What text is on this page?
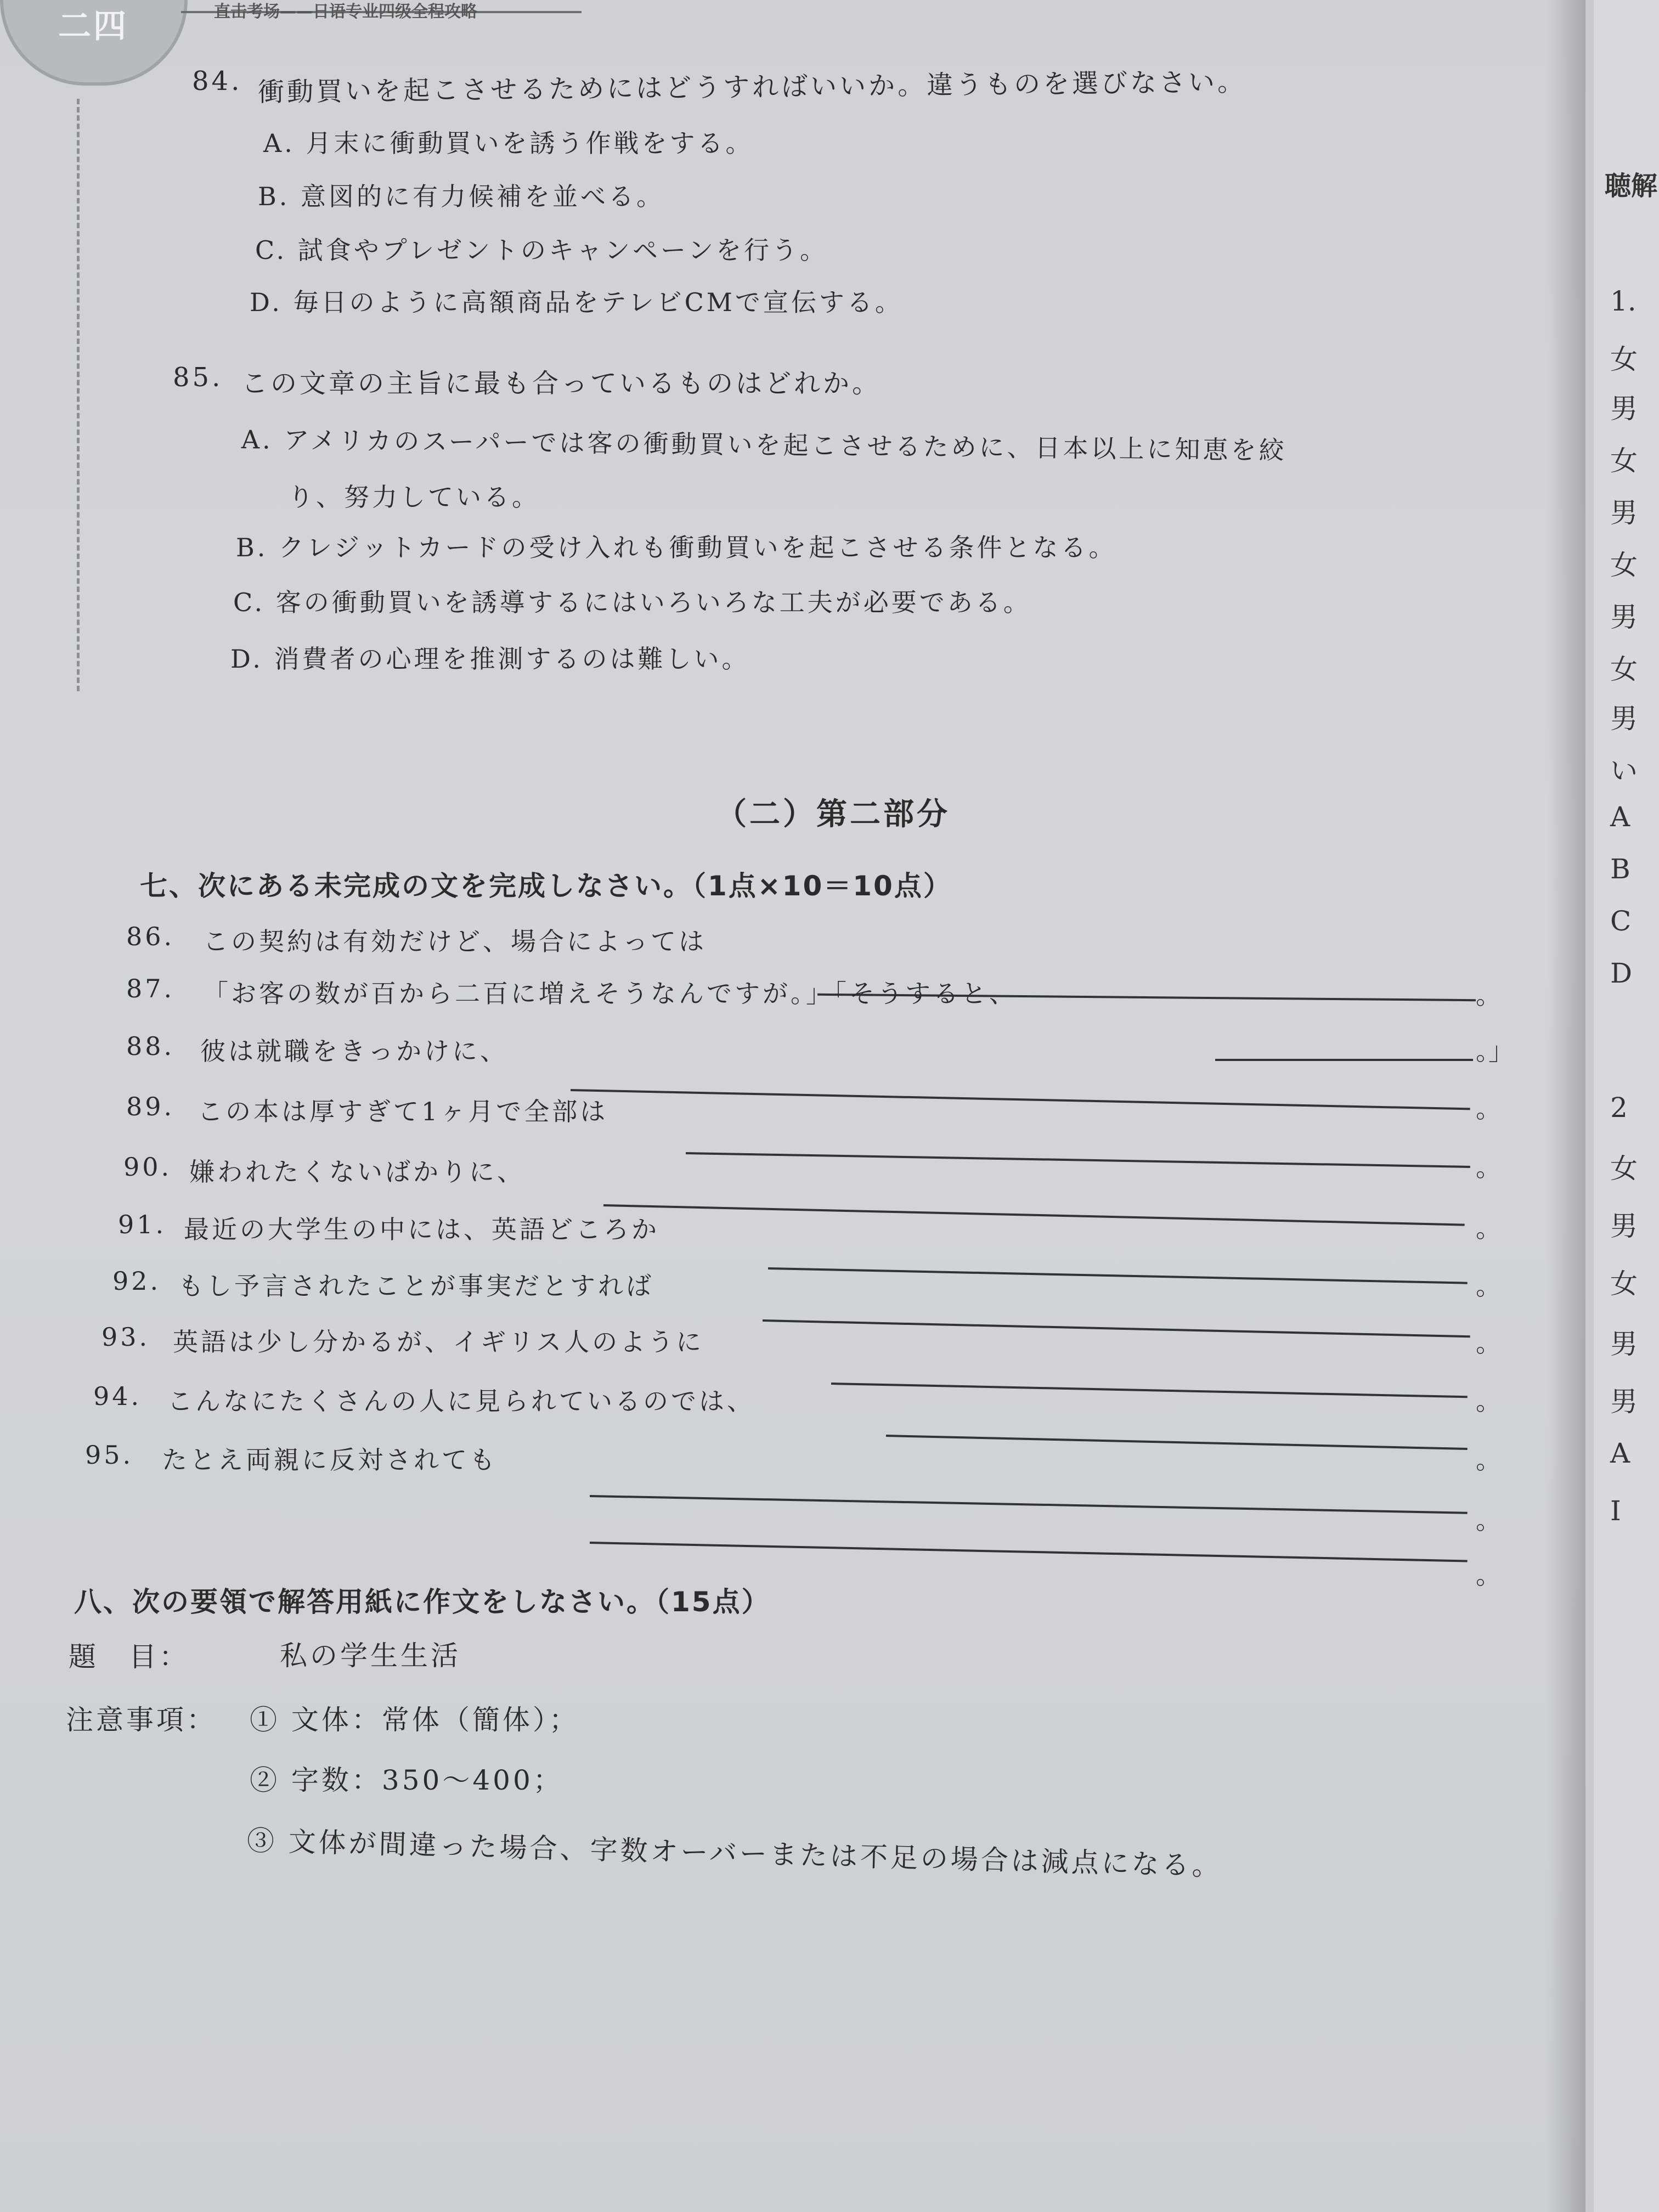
二四	直击考场——日语专业四级全程攻略
84. 衝動買いを起こさせるためにはどうすればいいか。違うものを選びなさい。
A. 月末に衝動買いを誘う作戦をする。
B. 意図的に有力候補を並べる。
C. 試食やプレゼントのキャンペーンを行う。
D. 毎日のように高額商品をテレビCMで宣伝する。
85. この文章の主旨に最も合っているものはどれか。
A. アメリカのスーパーでは客の衝動買いを起こさせるために、日本以上に知恵を絞
り、努力している。
B. クレジットカードの受け入れも衝動買いを起こさせる条件となる。
C. 客の衝動買いを誘導するにはいろいろな工夫が必要である。
D. 消費者の心理を推測するのは難しい。
（二）第二部分
七、次にある未完成の文を完成しなさい。（1点×10＝10点）
86. この契約は有効だけど、場合によっては
。
87. 「お客の数が百から二百に増えそうなんですが。」「そうすると、
。」
88. 彼は就職をきっかけに、
。
89. この本は厚すぎて1ヶ月で全部は
。
90. 嫌われたくないばかりに、
。
91. 最近の大学生の中には、英語どころか
。
92. もし予言されたことが事実だとすれば
。
93. 英語は少し分かるが、イギリス人のように
。
94. こんなにたくさんの人に見られているのでは、
。
95. たとえ両親に反対されても
。
。
八、次の要領で解答用紙に作文をしなさい。（15点）
題　目：	私の学生生活
注意事項： ① 文体：常体（簡体）；
② 字数：350～400；
③ 文体が間違った場合、字数オーバーまたは不足の場合は減点になる。
聴解
1.
女
男
女
男
女
男
女
男
い
A
B
C
D
2
女
男
女
男
男
A
I
